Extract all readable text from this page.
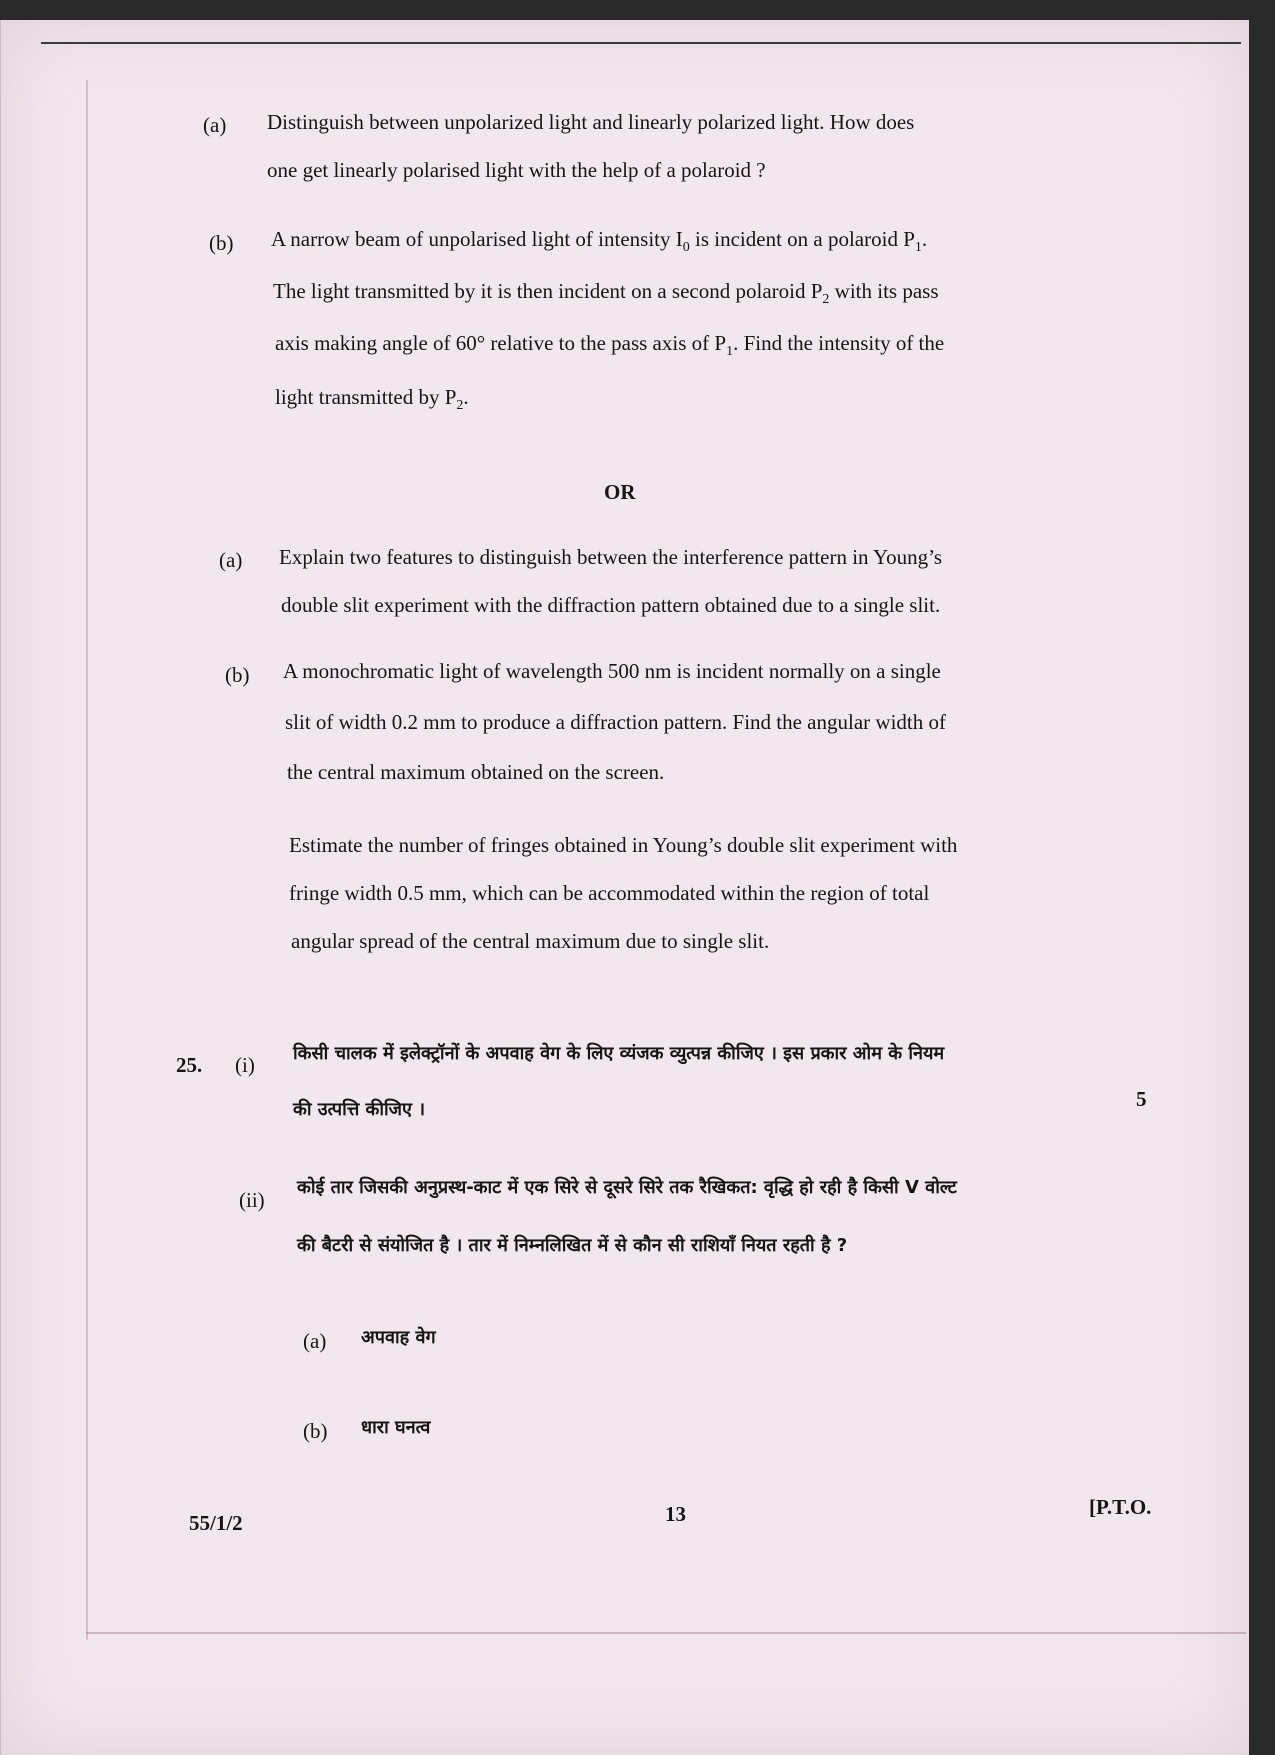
(a) Distinguish between unpolarized light and linearly polarized light. How does
one get linearly polarised light with the help of a polaroid ?
(b) A narrow beam of unpolarised light of intensity $I_0$ is incident on a polaroid $P_1$.
The light transmitted by it is then incident on a second polaroid $P_2$ with its pass
axis making angle of 60° relative to the pass axis of $P_1$. Find the intensity of the
light transmitted by $P_2$.
OR
(a) Explain two features to distinguish between the interference pattern in Young’s
double slit experiment with the diffraction pattern obtained due to a single slit.
(b) A monochromatic light of wavelength 500 nm is incident normally on a single
slit of width 0.2 mm to produce a diffraction pattern. Find the angular width of
the central maximum obtained on the screen.
Estimate the number of fringes obtained in Young’s double slit experiment with
fringe width 0.5 mm, which can be accommodated within the region of total
angular spread of the central maximum due to single slit.
25. (i) किसी चालक में इलेक्ट्रॉनों के अपवाह वेग के लिए व्यंजक व्युत्पन्न कीजिए । इस प्रकार ओम के नियम
की उत्पत्ति कीजिए ।	5
(ii)
कोई तार जिसकी अनुप्रस्थ-काट में एक सिरे से दूसरे सिरे तक रैखिकत: वृद्धि हो रही है किसी V वोल्ट
की बैटरी से संयोजित है । तार में निम्नलिखित में से कौन सी राशियाँ नियत रहती है ?
(a) अपवाह वेग
(b) धारा घनत्व
55/1/2	13	[P.T.O.
